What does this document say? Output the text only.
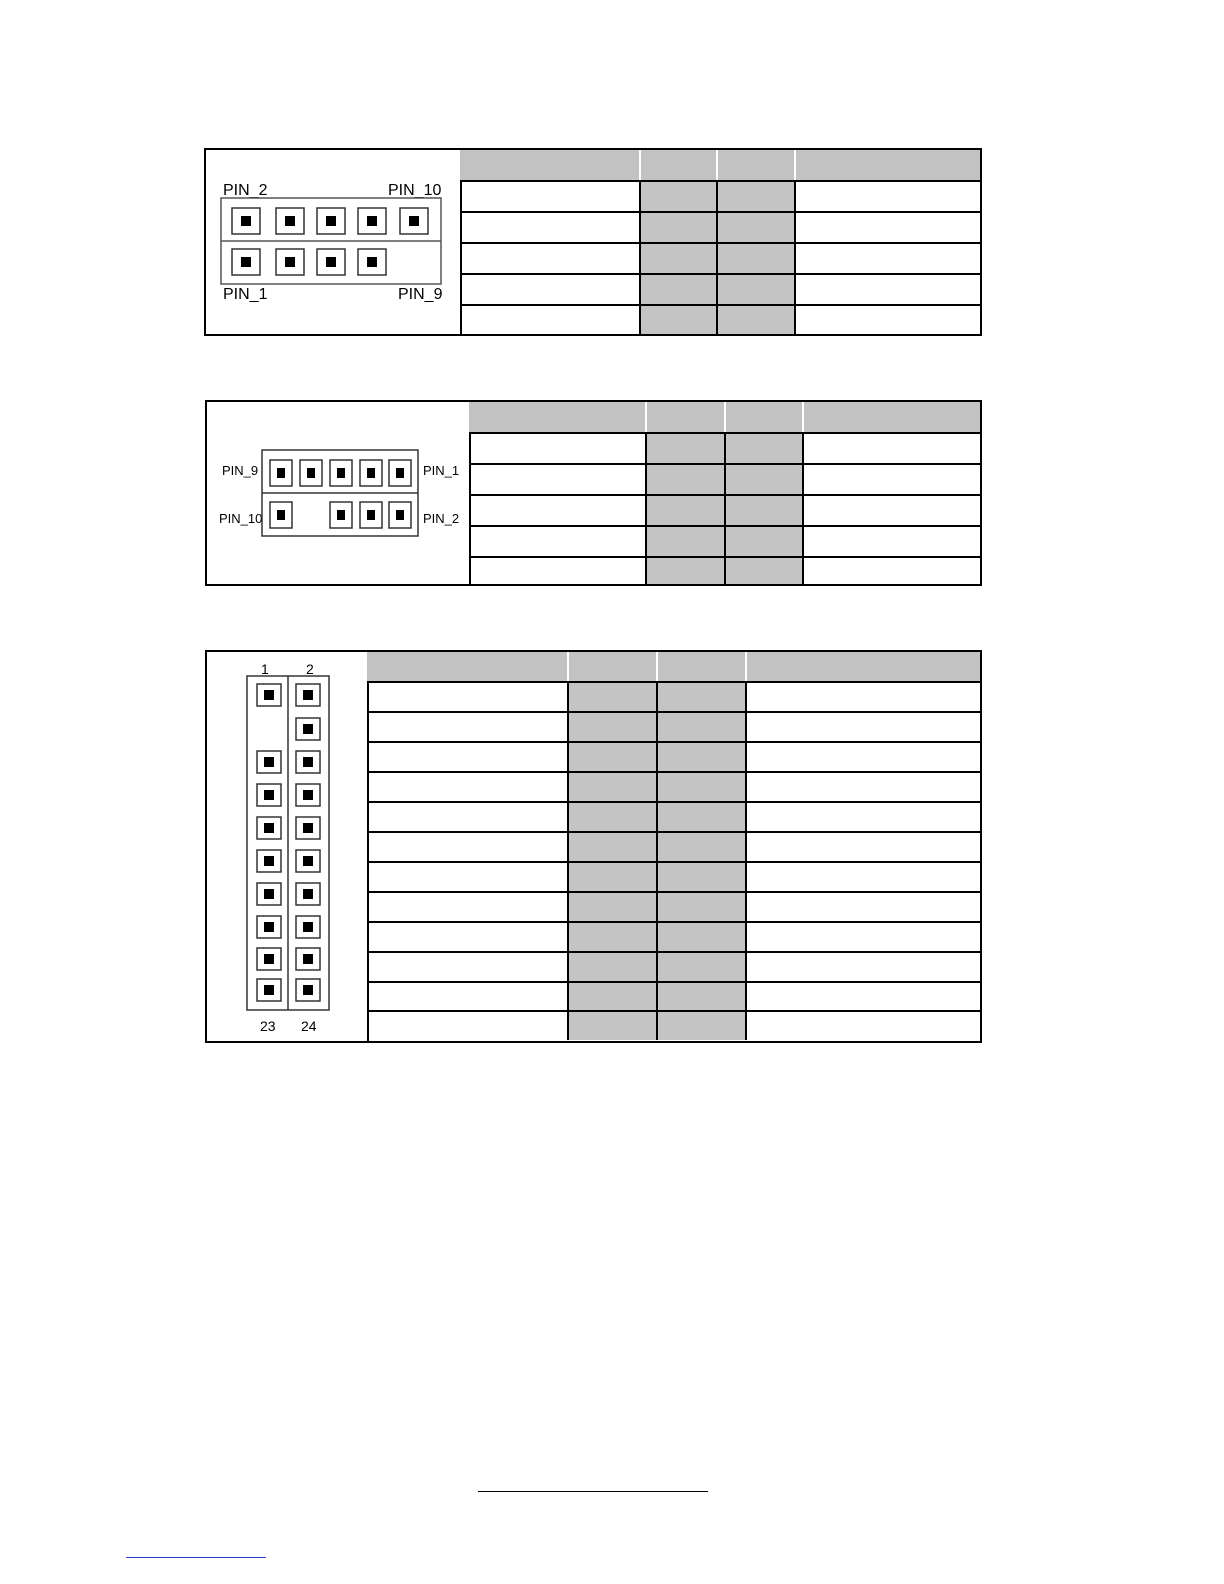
PIN_2	PIN_10
PIN_1	PIN_9

PIN_9	PIN_1
PIN_10	PIN_2

1	2
23 24
